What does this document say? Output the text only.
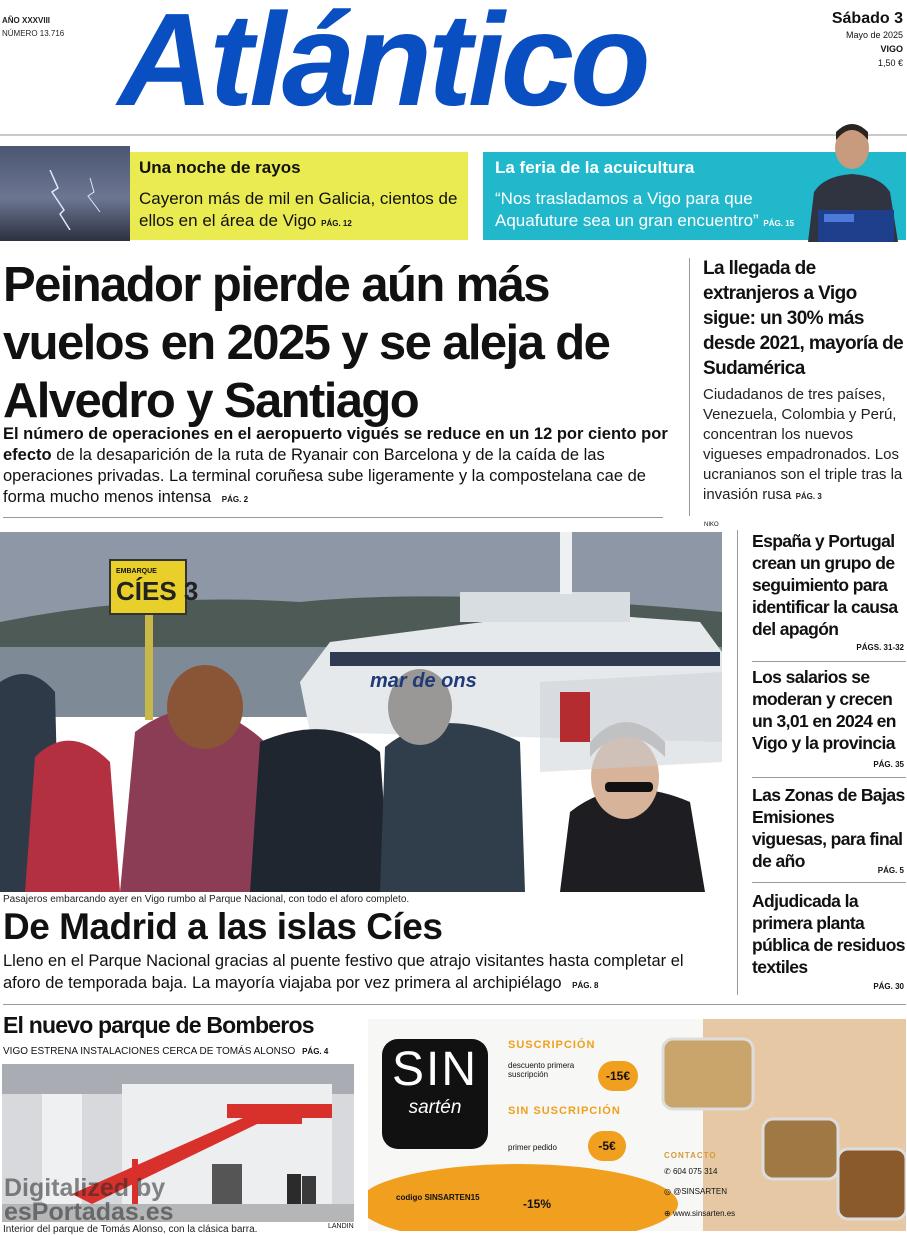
AÑO XXXVIII
NÚMERO 13.716 Atlántico	Sábado 3
Mayo de 2025
VIGO
1,50 €
Una noche de rayos
Cayeron más de mil en Galicia, cientos de ellos en el área de Vigo PÁG. 12
La feria de la acuicultura
“Nos trasladamos a Vigo para que Aquafuture sea un gran encuentro” PÁG. 15
Peinador pierde aún más vuelos en 2025 y se aleja de Alvedro y Santiago
El número de operaciones en el aeropuerto vigués se reduce en un 12 por ciento por efecto de la desaparición de la ruta de Ryanair con Barcelona y de la caída de las operaciones privadas. La terminal coruñesa sube ligeramente y la compostelana cae de forma mucho menos intensa PÁG. 2
La llegada de extranjeros a Vigo sigue: un 30% más desde 2021, mayoría de Sudamérica
Ciudadanos de tres países, Venezuela, Colombia y Perú, concentran los nuevos vigueses empadronados. Los ucranianos son el triple tras la invasión rusa PÁG. 3
NIKO
España y Portugal crean un grupo de seguimiento para identificar la causa del apagón
PÁGS. 31-32
Los salarios se moderan y crecen un 3,01 en 2024 en Vigo y la provincia
PÁG. 35
Las Zonas de Bajas Emisiones viguesas, para final de año	PÁG. 5
Adjudicada la primera planta pública de residuos textiles
PÁG. 30
EMBARQUE
CÍES 3
mar de ons
Pasajeros embarcando ayer en Vigo rumbo al Parque Nacional, con todo el aforo completo.
De Madrid a las islas Cíes
Lleno en el Parque Nacional gracias al puente festivo que atrajo visitantes hasta completar el aforo de temporada baja. La mayoría viajaba por vez primera al archipiélago PÁG. 8
El nuevo parque de Bomberos
VIGO ESTRENA INSTALACIONES CERCA DE TOMÁS ALONSO PÁG. 4
Interior del parque de Tomás Alonso, con la clásica barra.	LANDIN
Digitalized by
esPortadas.es
SIN
sartén
SUSCRIPCIÓN
descuento primera suscripción	-15€
SIN SUSCRIPCIÓN
primer pedido	-5€
codigo SINSARTEN15	-15%
CONTACTO
✆ 604 075 314
◎ @SINSARTEN
⊕ www.sinsarten.es
